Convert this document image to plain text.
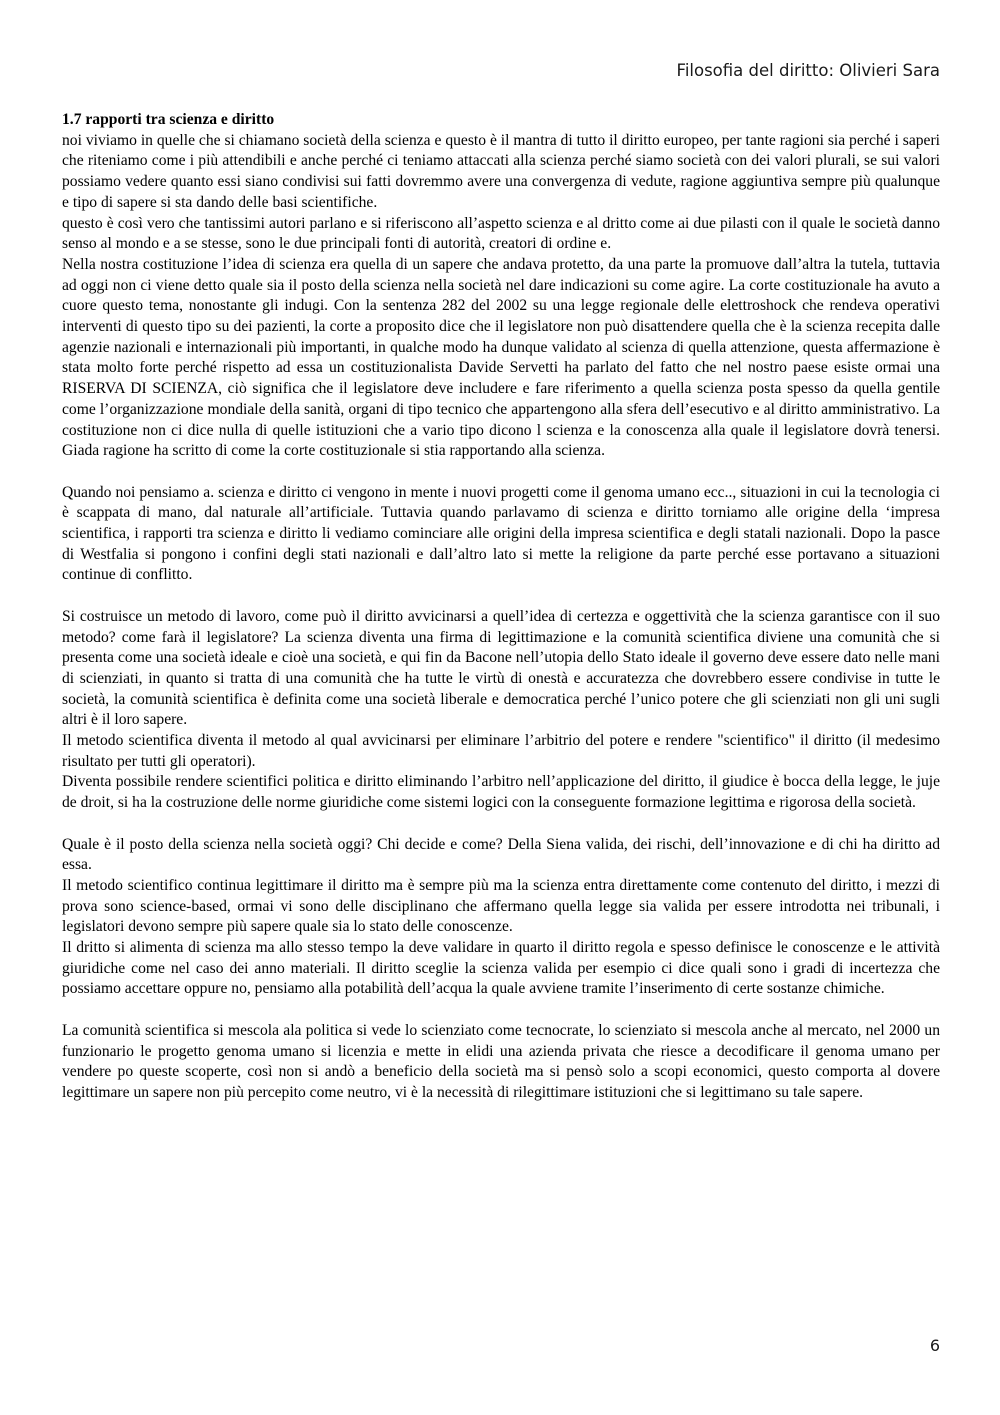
Filosofia del diritto: Olivieri Sara

1.7 rapporti tra scienza e diritto

noi viviamo in quelle che si chiamano società della scienza e questo è il mantra di tutto il diritto europeo, per tante ragioni sia perché i saperi che riteniamo come i più attendibili e anche perché ci teniamo attaccati alla scienza perché siamo società con dei valori plurali, se sui valori possiamo vedere quanto essi siano condivisi sui fatti dovremmo avere una convergenza di vedute, ragione aggiuntiva sempre più qualunque e tipo di sapere si sta dando delle basi scientifiche.

questo è così vero che tantissimi autori parlano e si riferiscono all’aspetto scienza e al dritto come ai due pilasti con il quale le società danno senso al mondo e a se stesse, sono le due principali fonti di autorità, creatori di ordine e.

Nella nostra costituzione l’idea di scienza era quella di un sapere che andava protetto, da una parte la promuove dall’altra la tutela, tuttavia ad oggi non ci viene detto quale sia il posto della scienza nella società nel dare indicazioni su come agire. La corte costituzionale ha avuto a cuore questo tema, nonostante gli indugi. Con la sentenza 282 del 2002 su una legge regionale delle elettroshock che rendeva operativi interventi di questo tipo su dei pazienti, la corte a proposito dice che il legislatore non può disattendere quella che è la scienza recepita dalle agenzie nazionali e internazionali più importanti, in qualche modo ha dunque validato al scienza di quella attenzione, questa affermazione è stata molto forte perché rispetto ad essa un costituzionalista Davide Servetti ha parlato del fatto che nel nostro paese esiste ormai una RISERVA DI SCIENZA, ciò significa che il legislatore deve includere e fare riferimento a quella scienza posta spesso da quella gentile come l’organizzazione mondiale della sanità, organi di tipo tecnico che appartengono alla sfera dell’esecutivo e al diritto amministrativo. La costituzione non ci dice nulla di quelle istituzioni che a vario tipo dicono l scienza e la conoscenza alla quale il legislatore dovrà tenersi. Giada ragione ha scritto di come la corte costituzionale si stia rapportando alla scienza.

Quando noi pensiamo a. scienza e diritto ci vengono in mente i nuovi progetti come il genoma umano ecc.., situazioni in cui la tecnologia ci è scappata di mano, dal naturale all’artificiale. Tuttavia quando parlavamo di scienza e diritto torniamo alle origine della ‘impresa scientifica, i rapporti tra scienza e diritto li vediamo cominciare alle origini della impresa scientifica e degli statali nazionali. Dopo la pasce di Westfalia si pongono i confini degli stati nazionali e dall’altro lato si mette la religione da parte perché esse portavano a situazioni continue di conflitto.

Si costruisce un metodo di lavoro, come può il diritto avvicinarsi a quell’idea di certezza e oggettività che la scienza garantisce con il suo metodo? come farà il legislatore? La scienza diventa una firma di legittimazione e la comunità scientifica diviene una comunità che si presenta come una società ideale e cioè una società, e qui fin da Bacone nell’utopia dello Stato ideale il governo deve essere dato nelle mani di scienziati, in quanto si tratta di una comunità che ha tutte le virtù di onestà e accuratezza che dovrebbero essere condivise in tutte le società, la comunità scientifica è definita come una società liberale e democratica perché l’unico potere che gli scienziati non gli uni sugli altri è il loro sapere.

Il metodo scientifica diventa il metodo al qual avvicinarsi per eliminare l’arbitrio del potere e rendere "scientifico" il diritto (il medesimo risultato per tutti gli operatori).

Diventa possibile rendere scientifici politica e diritto eliminando l’arbitro nell’applicazione del diritto, il giudice è bocca della legge, le juje de droit, si ha la costruzione delle norme giuridiche come sistemi logici con la conseguente formazione legittima e rigorosa della società.

Quale è il posto della scienza nella società oggi? Chi decide e come? Della Siena valida, dei rischi, dell’innovazione e di chi ha diritto ad essa.

Il metodo scientifico continua legittimare il diritto ma è sempre più ma la scienza entra direttamente come contenuto del diritto, i mezzi di prova sono science-based, ormai vi sono delle disciplinano che affermano quella legge sia valida per essere introdotta nei tribunali, i legislatori devono sempre più sapere quale sia lo stato delle conoscenze.

Il dritto si alimenta di scienza ma allo stesso tempo la deve validare in quarto il diritto regola e spesso definisce le conoscenze e le attività giuridiche come nel caso dei anno materiali. Il diritto sceglie la scienza valida per esempio ci dice quali sono i gradi di incertezza che possiamo accettare oppure no, pensiamo alla potabilità dell’acqua la quale avviene tramite l’inserimento di certe sostanze chimiche.

La comunità scientifica si mescola ala politica si vede lo scienziato come tecnocrate, lo scienziato si mescola anche al mercato, nel 2000 un funzionario le progetto genoma umano si licenzia e mette in elidi una azienda privata che riesce a decodificare il genoma umano per vendere po queste scoperte, così non si andò a beneficio della società ma si pensò solo a scopi economici, questo comporta al dovere legittimare un sapere non più percepito come neutro, vi è la necessità di rilegittimare istituzioni che si legittimano su tale sapere.

6
